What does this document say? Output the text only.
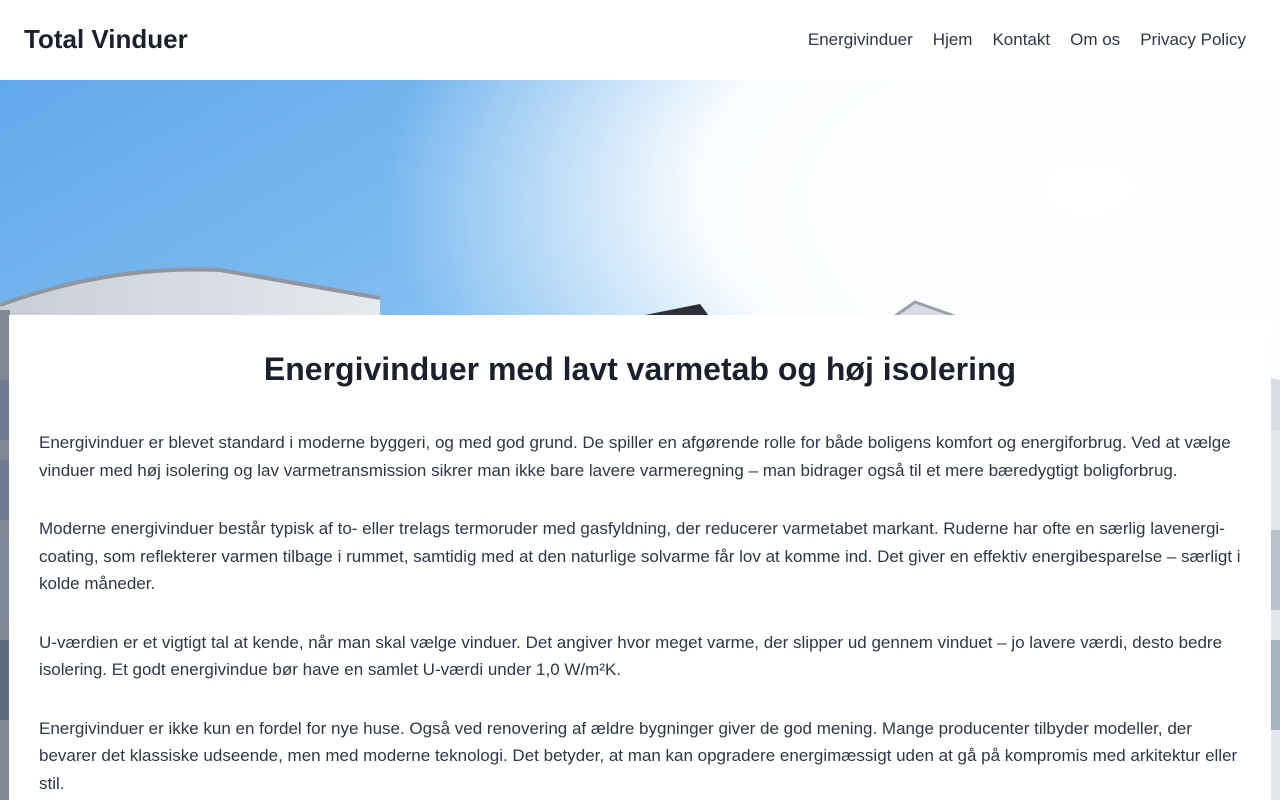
Total Vinduer	Energivinduer	Hjem	Kontakt	Om os	Privacy Policy
Energivinduer med lavt varmetab og høj isolering

Energivinduer er blevet standard i moderne byggeri, og med god grund. De spiller en afgørende rolle for både boligens komfort og energiforbrug. Ved at vælge vinduer med høj isolering og lav varmetransmission sikrer man ikke bare lavere varmeregning – man bidrager også til et mere bæredygtigt boligforbrug.

Moderne energivinduer består typisk af to- eller trelags termoruder med gasfyldning, der reducerer varmetabet markant. Ruderne har ofte en særlig lavenergi-coating, som reflekterer varmen tilbage i rummet, samtidig med at den naturlige solvarme får lov at komme ind. Det giver en effektiv energibesparelse – særligt i kolde måneder.

U-værdien er et vigtigt tal at kende, når man skal vælge vinduer. Det angiver hvor meget varme, der slipper ud gennem vinduet – jo lavere værdi, desto bedre isolering. Et godt energivindue bør have en samlet U-værdi under 1,0 W/m²K.

Energivinduer er ikke kun en fordel for nye huse. Også ved renovering af ældre bygninger giver de god mening. Mange producenter tilbyder modeller, der bevarer det klassiske udseende, men med moderne teknologi. Det betyder, at man kan opgradere energimæssigt uden at gå på kompromis med arkitektur eller stil.
